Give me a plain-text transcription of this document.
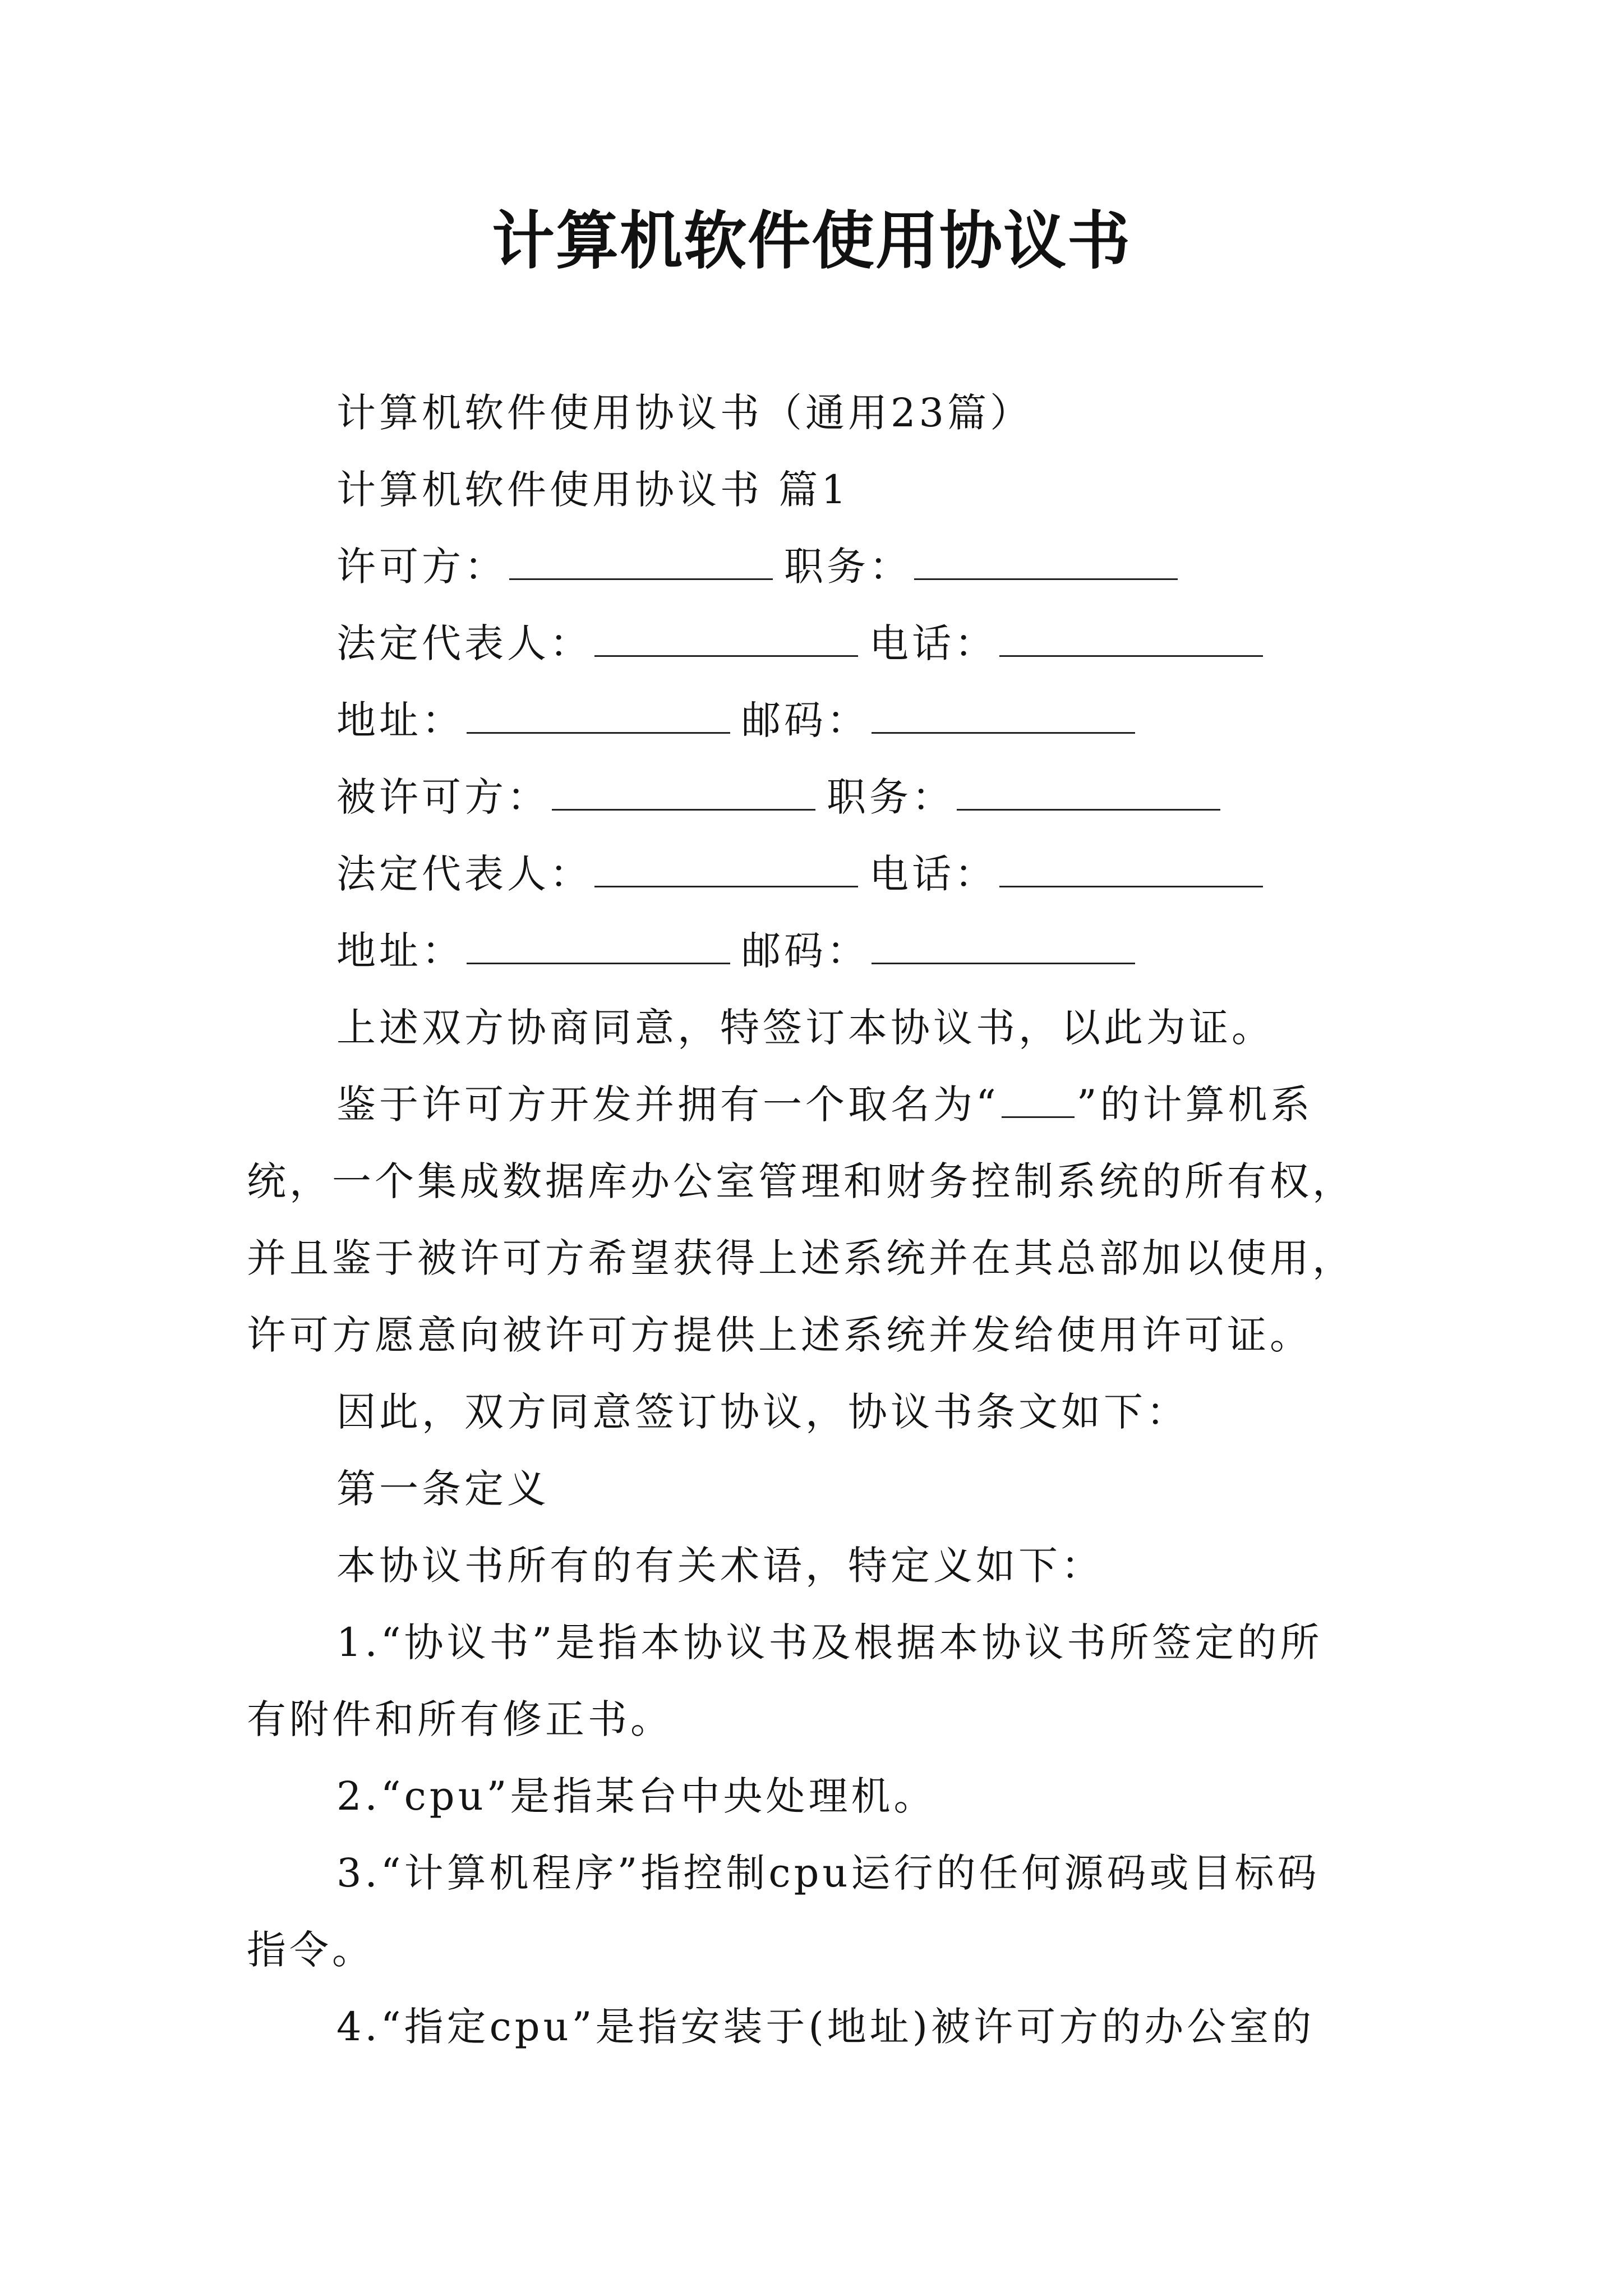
计算机软件使用协议书
计算机软件使用协议书（通用23篇）
计算机软件使用协议书 篇1
许可方：	职务：
法定代表人：	电话：
地址：	邮码：
被许可方：	职务：
法定代表人：	电话：
地址：	邮码：
上述双方协商同意，特签订本协议书，以此为证。
鉴于许可方开发并拥有一个取名为“ ”的计算机系
统，一个集成数据库办公室管理和财务控制系统的所有权，
并且鉴于被许可方希望获得上述系统并在其总部加以使用，
许可方愿意向被许可方提供上述系统并发给使用许可证。
因此，双方同意签订协议，协议书条文如下：
第一条定义
本协议书所有的有关术语，特定义如下：
1.“协议书”是指本协议书及根据本协议书所签定的所
有附件和所有修正书。
2.“cpu”是指某台中央处理机。
3.“计算机程序”指控制cpu运行的任何源码或目标码
指令。
4.“指定cpu”是指安装于(地址)被许可方的办公室的
